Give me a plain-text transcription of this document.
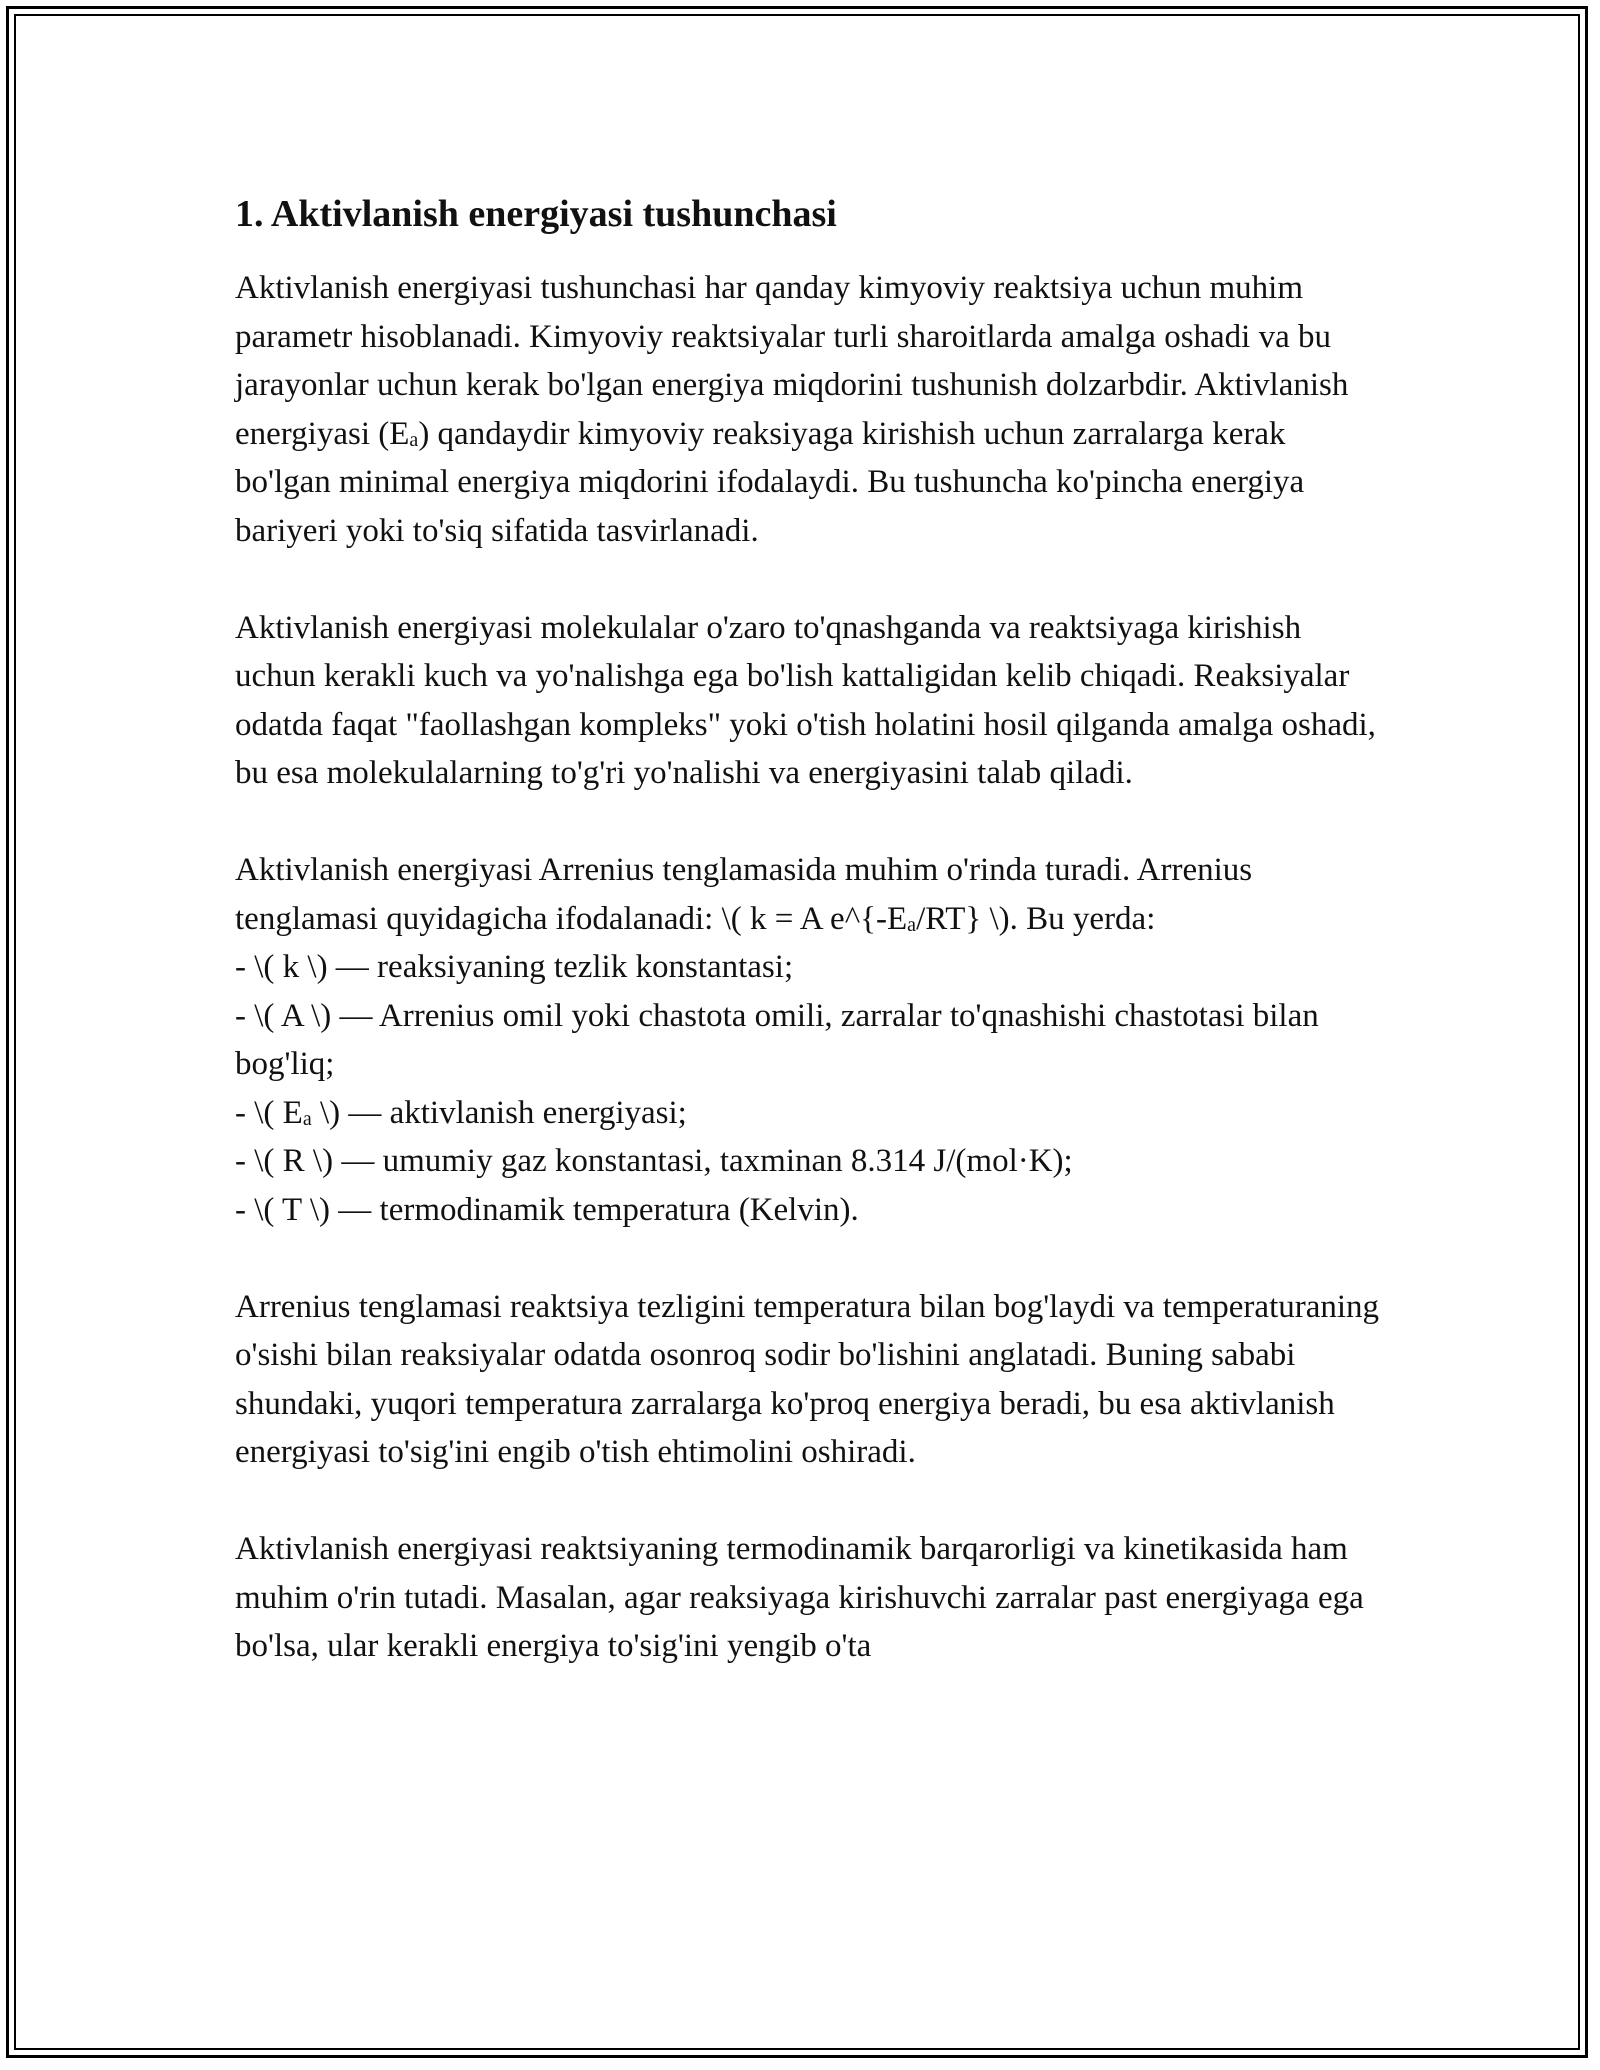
1. Aktivlanish energiyasi tushunchasi

Aktivlanish energiyasi tushunchasi har qanday kimyoviy reaktsiya uchun muhim parametr hisoblanadi. Kimyoviy reaktsiyalar turli sharoitlarda amalga oshadi va bu jarayonlar uchun kerak bo'lgan energiya miqdorini tushunish dolzarbdir. Aktivlanish energiyasi $(E_a)$ qandaydir kimyoviy reaksiyaga kirishish uchun zarralarga kerak bo'lgan minimal energiya miqdorini ifodalaydi. Bu tushuncha ko'pincha energiya bariyeri yoki to'siq sifatida tasvirlanadi.

Aktivlanish energiyasi molekulalar o'zaro to'qnashganda va reaktsiyaga kirishish uchun kerakli kuch va yo'nalishga ega bo'lish kattaligidan kelib chiqadi. Reaksiyalar odatda faqat "faollashgan kompleks" yoki o'tish holatini hosil qilganda amalga oshadi, bu esa molekulalarning to'g'ri yo'nalishi va energiyasini talab qiladi.

Aktivlanish energiyasi Arrenius tenglamasida muhim o'rinda turadi. Arrenius tenglamasi quyidagicha ifodalanadi: \( k = A $e\^{}\{-E_a/RT\}$ \). Bu yerda:
- \( k \) — reaksiyaning tezlik konstantasi;
- \( A \) — Arrenius omil yoki chastota omili, zarralar to'qnashishi chastotasi bilan bog'liq;
- \( $E_a$ \) — aktivlanish energiyasi;
- \( R \) — umumiy gaz konstantasi, taxminan 8.314 J/(mol·K);
- \( T \) — termodinamik temperatura (Kelvin).

Arrenius tenglamasi reaktsiya tezligini temperatura bilan bog'laydi va temperaturaning o'sishi bilan reaksiyalar odatda osonroq sodir bo'lishini anglatadi. Buning sababi shundaki, yuqori temperatura zarralarga ko'proq energiya beradi, bu esa aktivlanish energiyasi to'sig'ini engib o'tish ehtimolini oshiradi.

Aktivlanish energiyasi reaktsiyaning termodinamik barqarorligi va kinetikasida ham muhim o'rin tutadi. Masalan, agar reaksiyaga kirishuvchi zarralar past energiyaga ega bo'lsa, ular kerakli energiya to'sig'ini yengib o'ta
